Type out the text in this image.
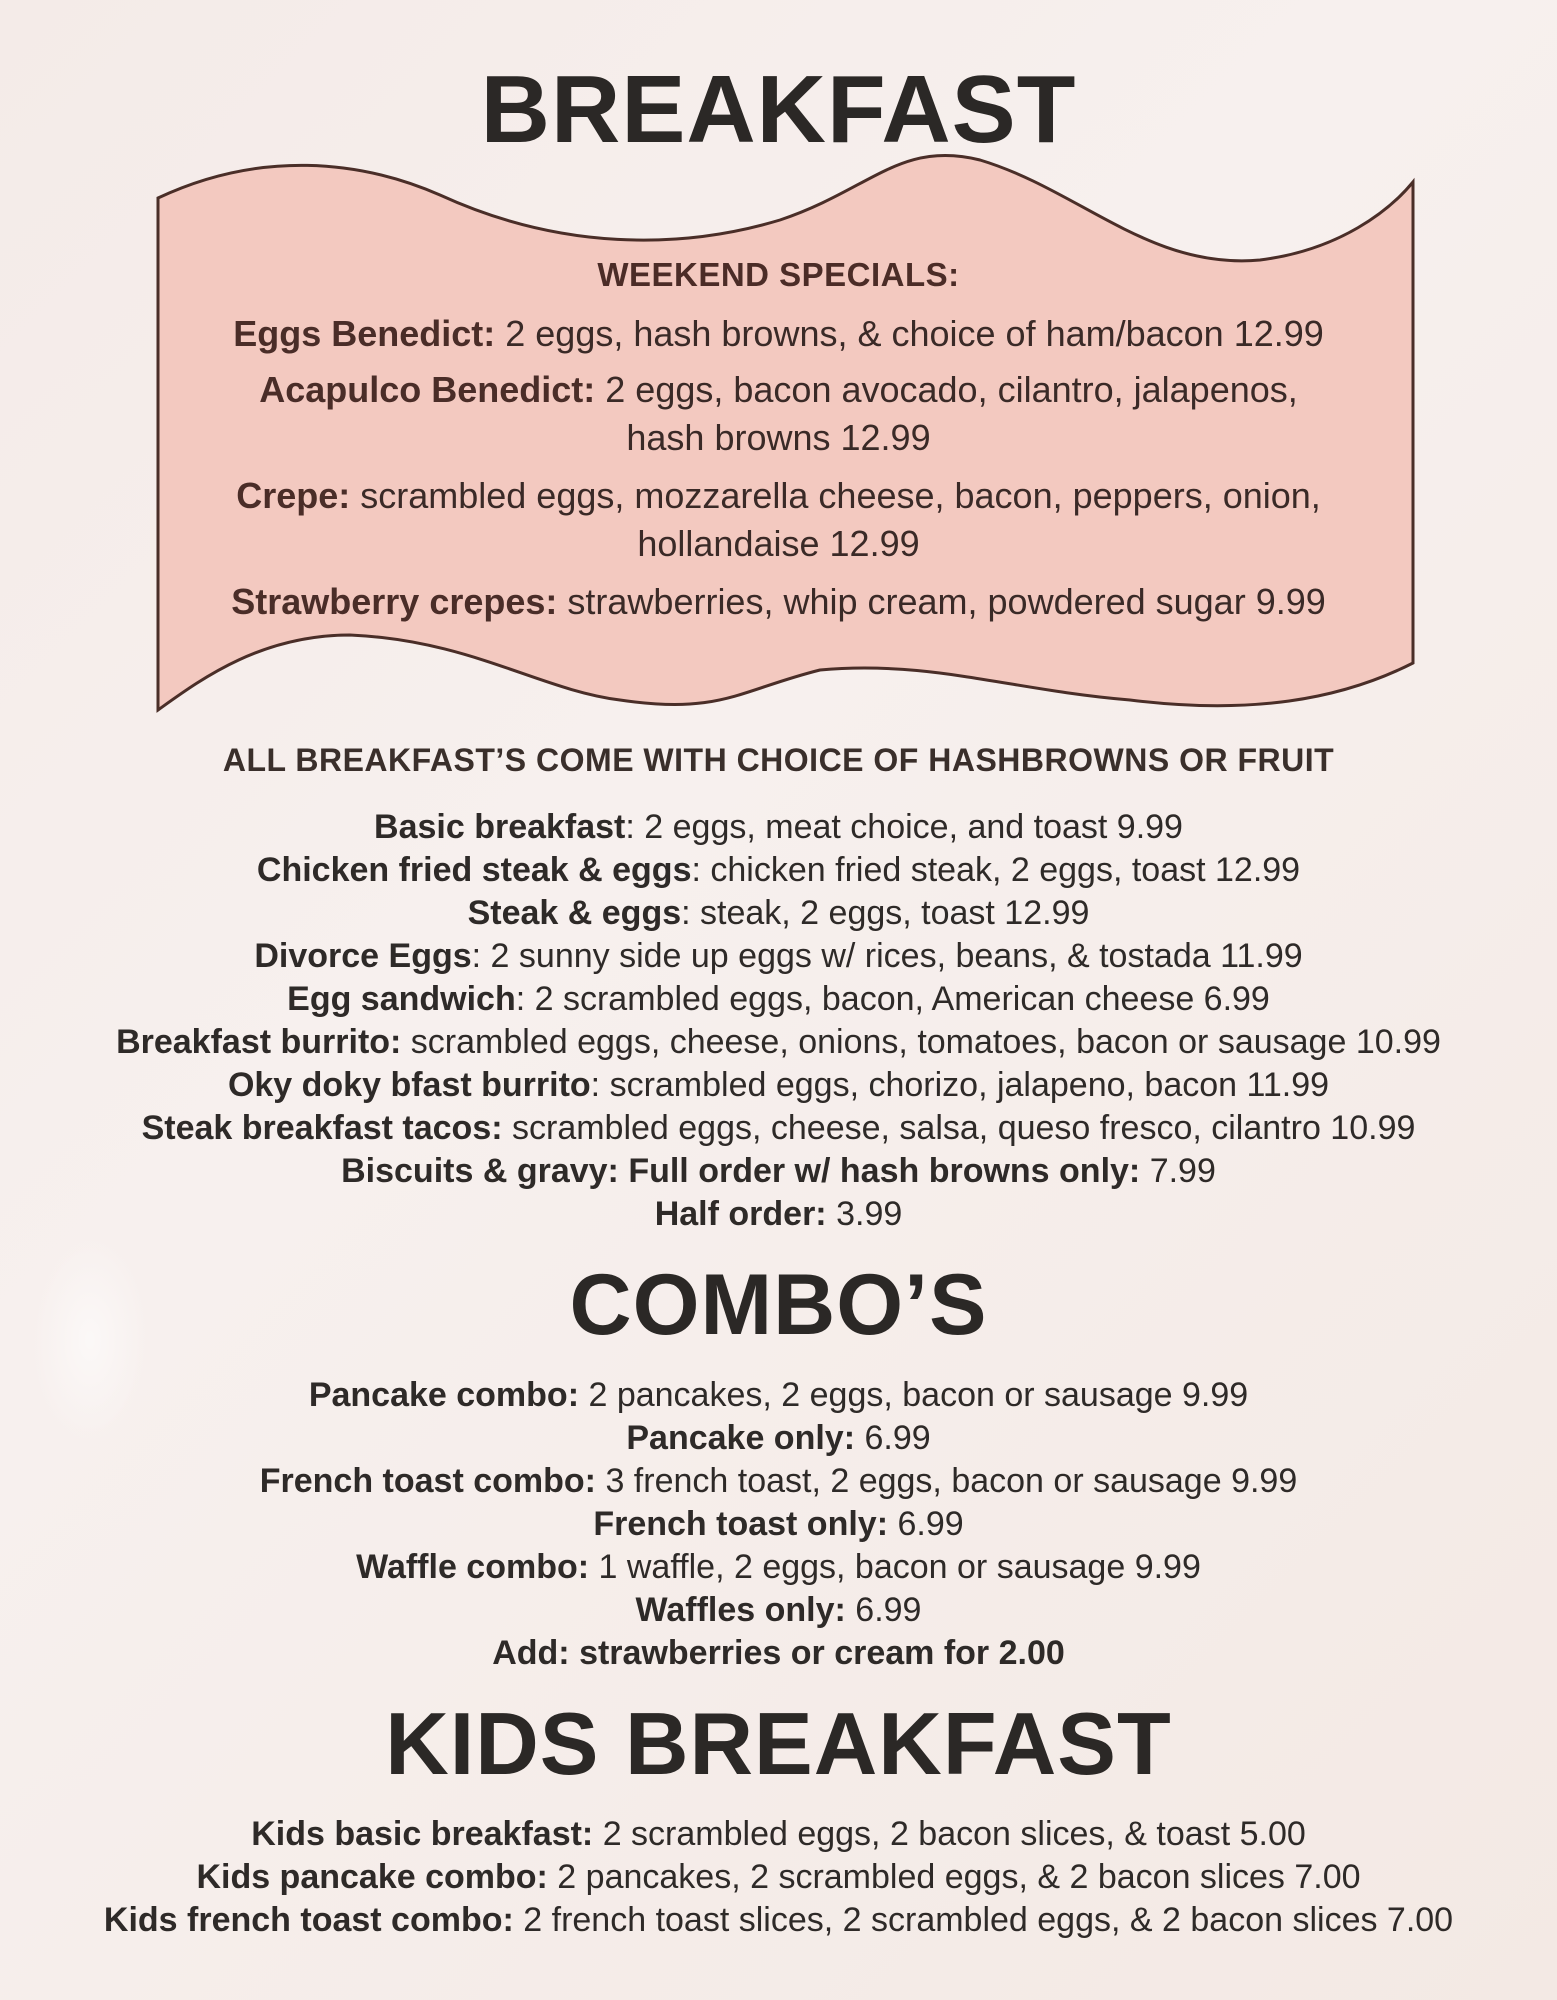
BREAKFAST
WEEKEND SPECIALS:
Eggs Benedict: 2 eggs, hash browns, & choice of ham/bacon 12.99
Acapulco Benedict: 2 eggs, bacon avocado, cilantro, jalapenos,
hash browns 12.99
Crepe: scrambled eggs, mozzarella cheese, bacon, peppers, onion,
hollandaise 12.99
Strawberry crepes: strawberries, whip cream, powdered sugar 9.99
ALL BREAKFAST’S COME WITH CHOICE OF HASHBROWNS OR FRUIT
Basic breakfast: 2 eggs, meat choice, and toast 9.99
Chicken fried steak & eggs: chicken fried steak, 2 eggs, toast 12.99
Steak & eggs: steak, 2 eggs, toast 12.99
Divorce Eggs: 2 sunny side up eggs w/ rices, beans, & tostada 11.99
Egg sandwich: 2 scrambled eggs, bacon, American cheese 6.99
Breakfast burrito: scrambled eggs, cheese, onions, tomatoes, bacon or sausage 10.99
Oky doky bfast burrito: scrambled eggs, chorizo, jalapeno, bacon 11.99
Steak breakfast tacos: scrambled eggs, cheese, salsa, queso fresco, cilantro 10.99
Biscuits & gravy: Full order w/ hash browns only: 7.99
Half order: 3.99
COMBO’S
Pancake combo: 2 pancakes, 2 eggs, bacon or sausage 9.99
Pancake only: 6.99
French toast combo: 3 french toast, 2 eggs, bacon or sausage 9.99
French toast only: 6.99
Waffle combo: 1 waffle, 2 eggs, bacon or sausage 9.99
Waffles only: 6.99
Add: strawberries or cream for 2.00
KIDS BREAKFAST
Kids basic breakfast: 2 scrambled eggs, 2 bacon slices, & toast 5.00
Kids pancake combo: 2 pancakes, 2 scrambled eggs, & 2 bacon slices 7.00
Kids french toast combo: 2 french toast slices, 2 scrambled eggs, & 2 bacon slices 7.00
